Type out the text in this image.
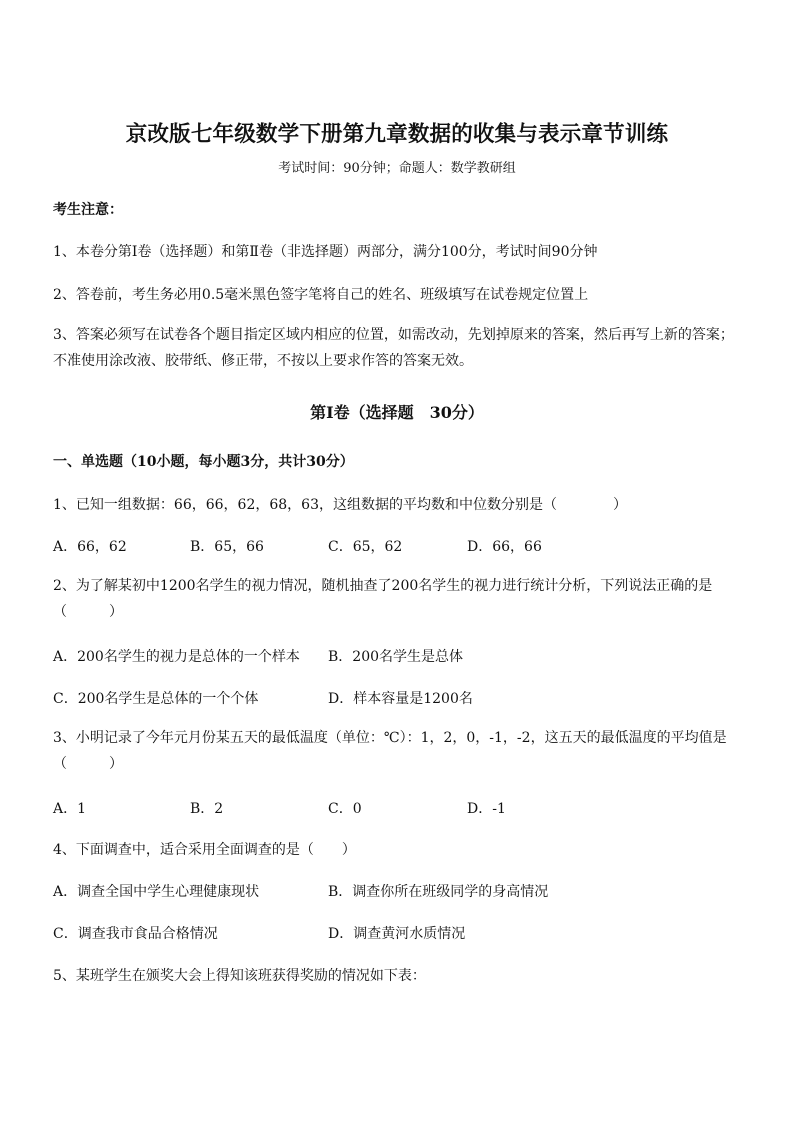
京改版七年级数学下册第九章数据的收集与表示章节训练
考试时间：90分钟；命题人：数学教研组
考生注意：
1、本卷分第Ⅰ卷（选择题）和第Ⅱ卷（非选择题）两部分，满分100分，考试时间90分钟
2、答卷前，考生务必用0.5毫米黑色签字笔将自己的姓名、班级填写在试卷规定位置上
3、答案必须写在试卷各个题目指定区域内相应的位置，如需改动，先划掉原来的答案，然后再写上新的答案；不准使用涂改液、胶带纸、修正带，不按以上要求作答的答案无效。
第Ⅰ卷（选择题　30分）
一、单选题（10小题，每小题3分，共计30分）
1、已知一组数据：66，66，62，68，63，这组数据的平均数和中位数分别是（　　　　）
A．66，62	B．65，66	C．65，62	D．66，66
2、为了解某初中1200名学生的视力情况，随机抽查了200名学生的视力进行统计分析，下列说法正确的是（　　　）
A．200名学生的视力是总体的一个样本 B．200名学生是总体
C．200名学生是总体的一个个体	D．样本容量是1200名
3、小明记录了今年元月份某五天的最低温度（单位：℃）：1，2，0，-1，-2，这五天的最低温度的平均值是（　　　）
A．1	B．2	C．0	D．-1
4、下面调查中，适合采用全面调查的是（　　）
A．调查全国中学生心理健康现状	B．调查你所在班级同学的身高情况
C．调查我市食品合格情况	D．调查黄河水质情况
5、某班学生在颁奖大会上得知该班获得奖励的情况如下表：
